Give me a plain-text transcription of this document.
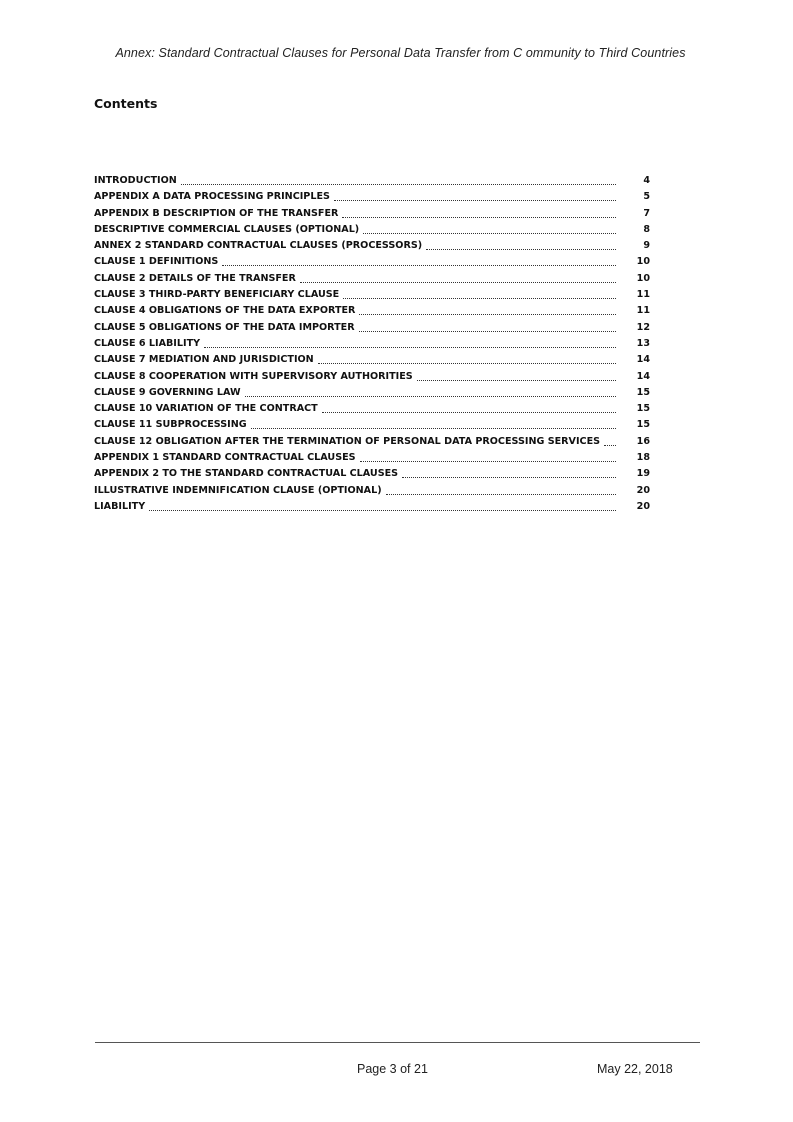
Annex: Standard Contractual Clauses for Personal Data Transfer from C ommunity to Third Countries
Contents
INTRODUCTION	4
APPENDIX A DATA PROCESSING PRINCIPLES	5
APPENDIX B DESCRIPTION OF THE TRANSFER	7
DESCRIPTIVE COMMERCIAL CLAUSES (OPTIONAL)	8
ANNEX 2 STANDARD CONTRACTUAL CLAUSES (PROCESSORS)	9
CLAUSE 1 DEFINITIONS	10
CLAUSE 2 DETAILS OF THE TRANSFER	10
CLAUSE 3 THIRD-PARTY BENEFICIARY CLAUSE	11
CLAUSE 4 OBLIGATIONS OF THE DATA EXPORTER	11
CLAUSE 5 OBLIGATIONS OF THE DATA IMPORTER	12
CLAUSE 6 LIABILITY	13
CLAUSE 7 MEDIATION AND JURISDICTION	14
CLAUSE 8 COOPERATION WITH SUPERVISORY AUTHORITIES	14
CLAUSE 9 GOVERNING LAW	15
CLAUSE 10 VARIATION OF THE CONTRACT	15
CLAUSE 11 SUBPROCESSING	15
CLAUSE 12 OBLIGATION AFTER THE TERMINATION OF PERSONAL DATA PROCESSING SERVICES	16
APPENDIX 1 STANDARD CONTRACTUAL CLAUSES	18
APPENDIX 2 TO THE STANDARD CONTRACTUAL CLAUSES	19
ILLUSTRATIVE INDEMNIFICATION CLAUSE (OPTIONAL)	20
LIABILITY	20
Page 3 of 21	May 22, 2018
